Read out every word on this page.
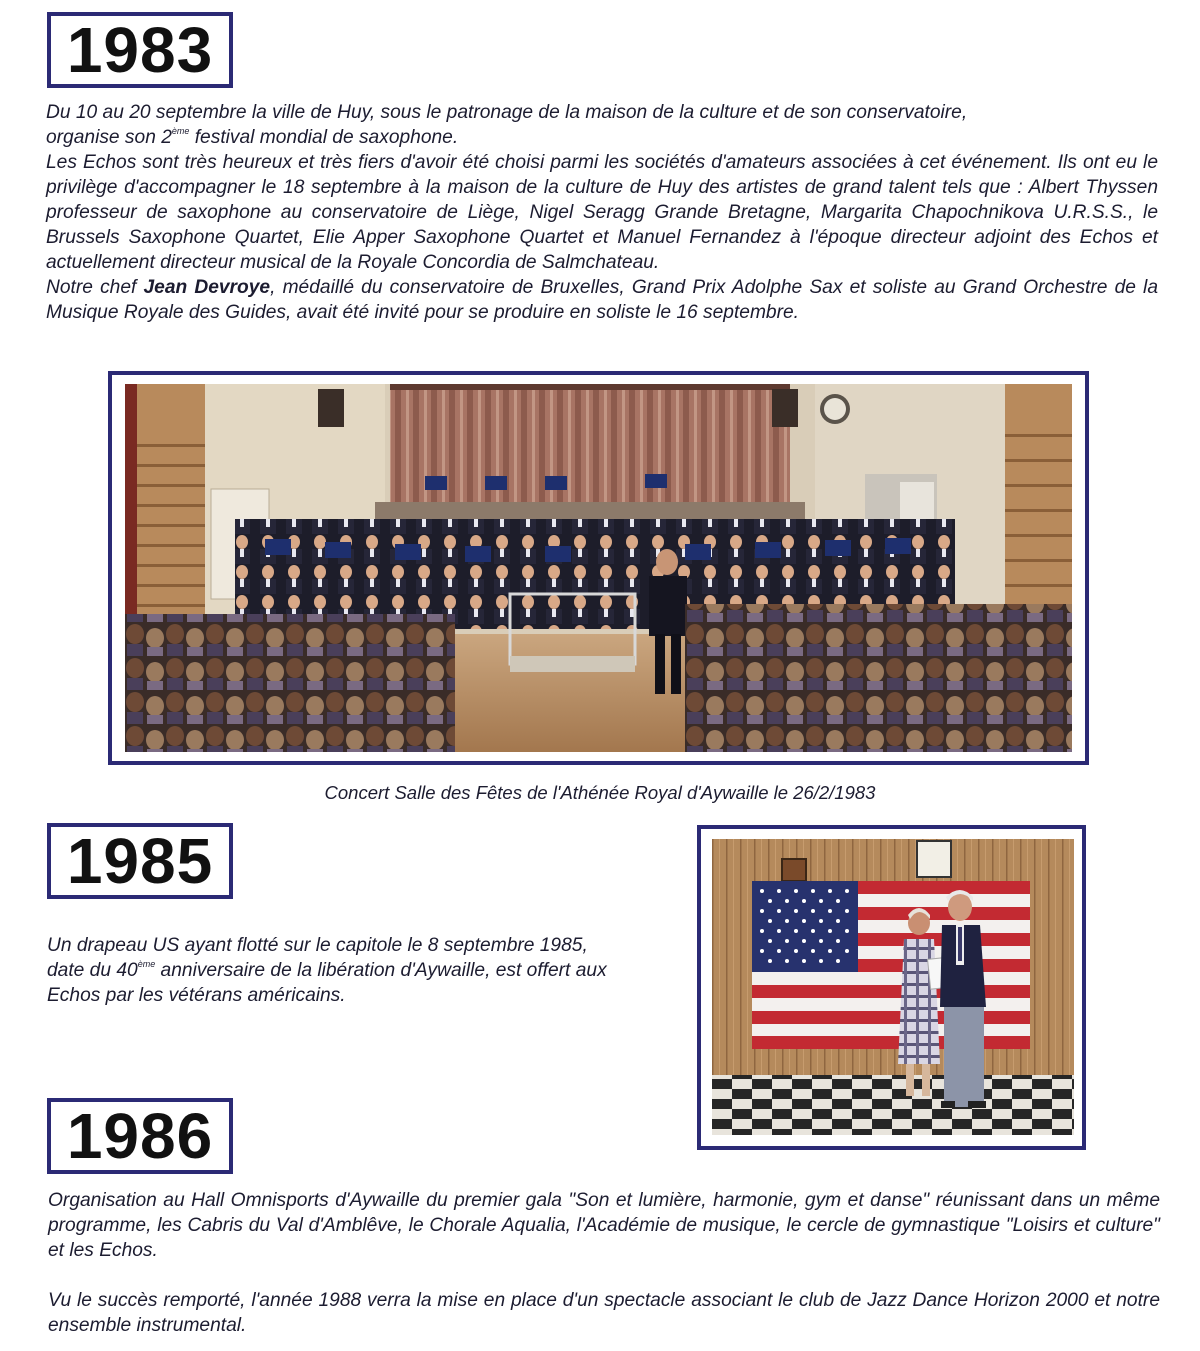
1983

Du 10 au 20 septembre la ville de Huy, sous le patronage de la maison de la culture et de son conservatoire,

organise son 2ème festival mondial de saxophone.

Les Echos sont très heureux et très fiers d'avoir été choisi parmi les sociétés d'amateurs associées à cet événement. Ils ont eu le privilège d'accompagner le 18 septembre à la maison de la culture de Huy des artistes de grand talent tels que : Albert Thyssen professeur de saxophone au conservatoire de Liège, Nigel Seragg Grande Bretagne, Margarita Chapochnikova U.R.S.S., le Brussels Saxophone Quartet, Elie Apper Saxophone Quartet et Manuel Fernandez à l'époque directeur adjoint des Echos et actuellement directeur musical de la Royale Concordia de Salmchateau.

Notre chef Jean Devroye, médaillé du conservatoire de Bruxelles, Grand Prix Adolphe Sax et soliste au Grand Orchestre de la Musique Royale des Guides, avait été invité pour se produire en soliste le 16 septembre.

Concert Salle des Fêtes de l'Athénée Royal d'Aywaille le 26/2/1983
1985

Un drapeau US ayant flotté sur le capitole le 8 septembre 1985,

date du 40ème anniversaire de la libération d'Aywaille, est offert aux

Echos par les vétérans américains.

1986

Organisation au Hall Omnisports d'Aywaille du premier gala "Son et lumière, harmonie, gym et danse" réunissant dans un même programme, les Cabris du Val d'Amblêve, le Chorale Aqualia, l'Académie de musique, le cercle de gymnastique "Loisirs et culture" et les Echos.

Vu le succès remporté, l'année 1988 verra la mise en place d'un spectacle associant le club de Jazz Dance Horizon 2000 et notre ensemble instrumental.
